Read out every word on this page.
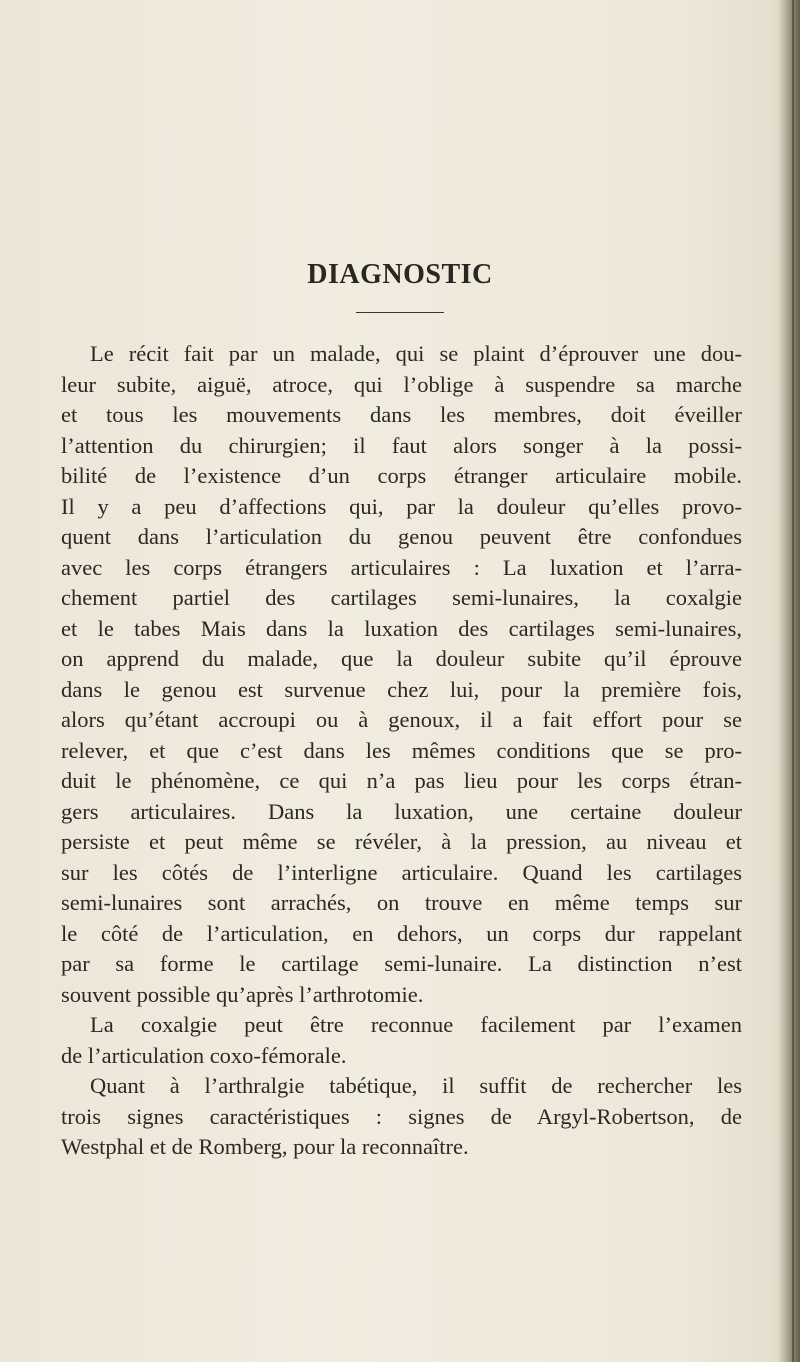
DIAGNOSTIC
Le récit fait par un malade, qui se plaint d’éprouver une dou-
leur subite, aiguë, atroce, qui l’oblige à suspendre sa marche
et tous les mouvements dans les membres, doit éveiller
l’attention du chirurgien; il faut alors songer à la possi-
bilité de l’existence d’un corps étranger articulaire mobile.
Il y a peu d’affections qui, par la douleur qu’elles provo-
quent dans l’articulation du genou peuvent être confondues
avec les corps étrangers articulaires : La luxation et l’arra-
chement partiel des cartilages semi-lunaires, la coxalgie
et le tabes Mais dans la luxation des cartilages semi-lunaires,
on apprend du malade, que la douleur subite qu’il éprouve
dans le genou est survenue chez lui, pour la première fois,
alors qu’étant accroupi ou à genoux, il a fait effort pour se
relever, et que c’est dans les mêmes conditions que se pro-
duit le phénomène, ce qui n’a pas lieu pour les corps étran-
gers articulaires. Dans la luxation, une certaine douleur
persiste et peut même se révéler, à la pression, au niveau et
sur les côtés de l’interligne articulaire. Quand les cartilages
semi-lunaires sont arrachés, on trouve en même temps sur
le côté de l’articulation, en dehors, un corps dur rappelant
par sa forme le cartilage semi-lunaire. La distinction n’est
souvent possible qu’après l’arthrotomie.
La coxalgie peut être reconnue facilement par l’examen
de l’articulation coxo-fémorale.
Quant à l’arthralgie tabétique, il suffit de rechercher les
trois signes caractéristiques : signes de Argyl-Robertson, de
Westphal et de Romberg, pour la reconnaître.
